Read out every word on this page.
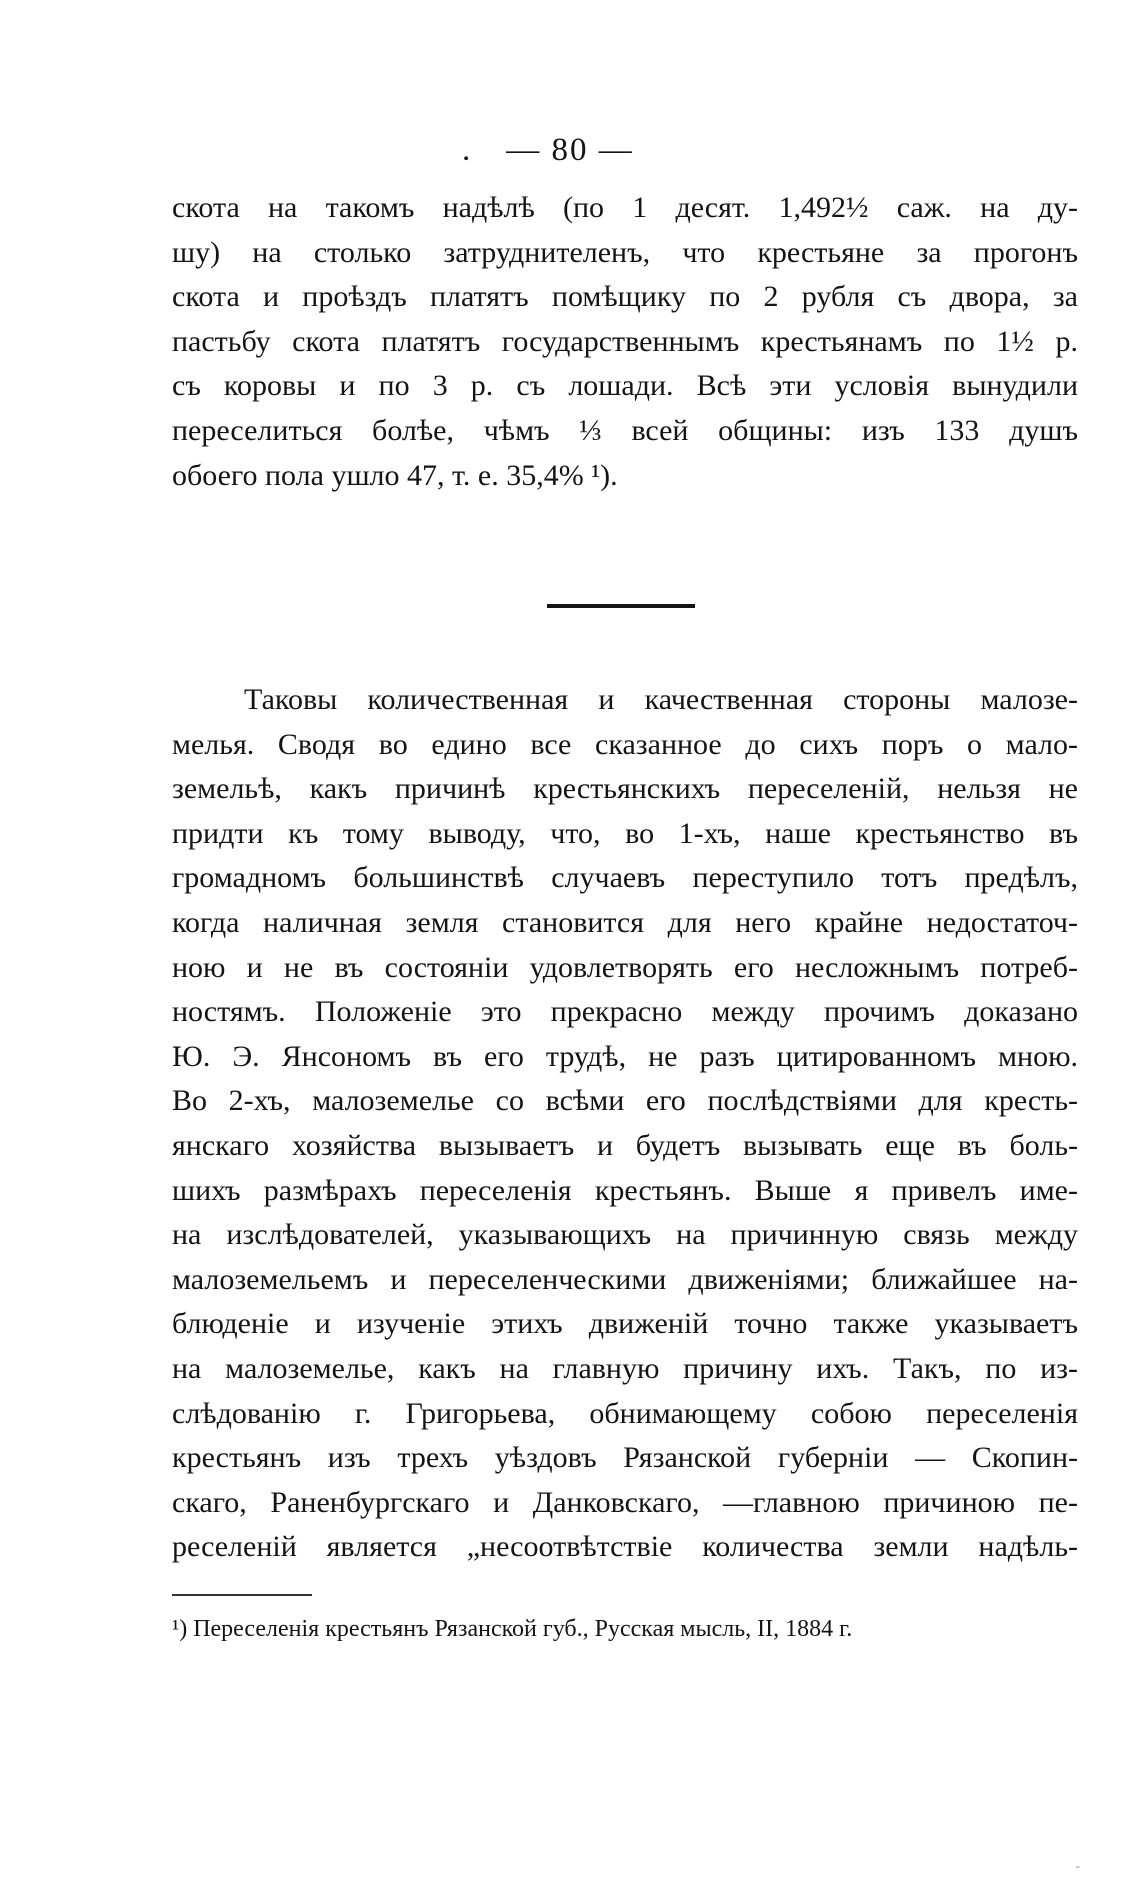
. — 80 —
скота на такомъ надѣлѣ (по 1 десят. 1,492½ саж. на ду-
шу) на столько затруднителенъ, что крестьяне за прогонъ
скота и проѣздъ платятъ помѣщику по 2 рубля съ двора, за
пастьбу скота платятъ государственнымъ крестьянамъ по 1½ р.
съ коровы и по 3 р. съ лошади. Всѣ эти условія вынудили
переселиться болѣе, чѣмъ ⅓ всей общины: изъ 133 душъ
обоего пола ушло 47, т. е. 35,4% ¹).
Таковы количественная и качественная стороны малозе-
мелья. Сводя во едино все сказанное до сихъ поръ о мало-
земельѣ, какъ причинѣ крестьянскихъ переселеній, нельзя не
придти къ тому выводу, что, во 1-хъ, наше крестьянство въ
громадномъ большинствѣ случаевъ переступило тотъ предѣлъ,
когда наличная земля становится для него крайне недостаточ-
ною и не въ состояніи удовлетворять его несложнымъ потреб-
ностямъ. Положеніе это прекрасно между прочимъ доказано
Ю. Э. Янсономъ въ его трудѣ, не разъ цитированномъ мною.
Во 2-хъ, малоземелье со всѣми его послѣдствіями для кресть-
янскаго хозяйства вызываетъ и будетъ вызывать еще въ боль-
шихъ размѣрахъ переселенія крестьянъ. Выше я привелъ име-
на изслѣдователей, указывающихъ на причинную связь между
малоземельемъ и переселенческими движеніями; ближайшее на-
блюденіе и изученіе этихъ движеній точно также указываетъ
на малоземелье, какъ на главную причину ихъ. Такъ, по из-
слѣдованію г. Григорьева, обнимающему собою переселенія
крестьянъ изъ трехъ уѣздовъ Рязанской губерніи — Скопин-
скаго, Раненбургскаго и Данковскаго, —главною причиною пе-
реселеній является „несоотвѣтствіе количества земли надѣль-
¹) Переселенія крестьянъ Рязанской губ., Русская мысль, II, 1884 г.
-
